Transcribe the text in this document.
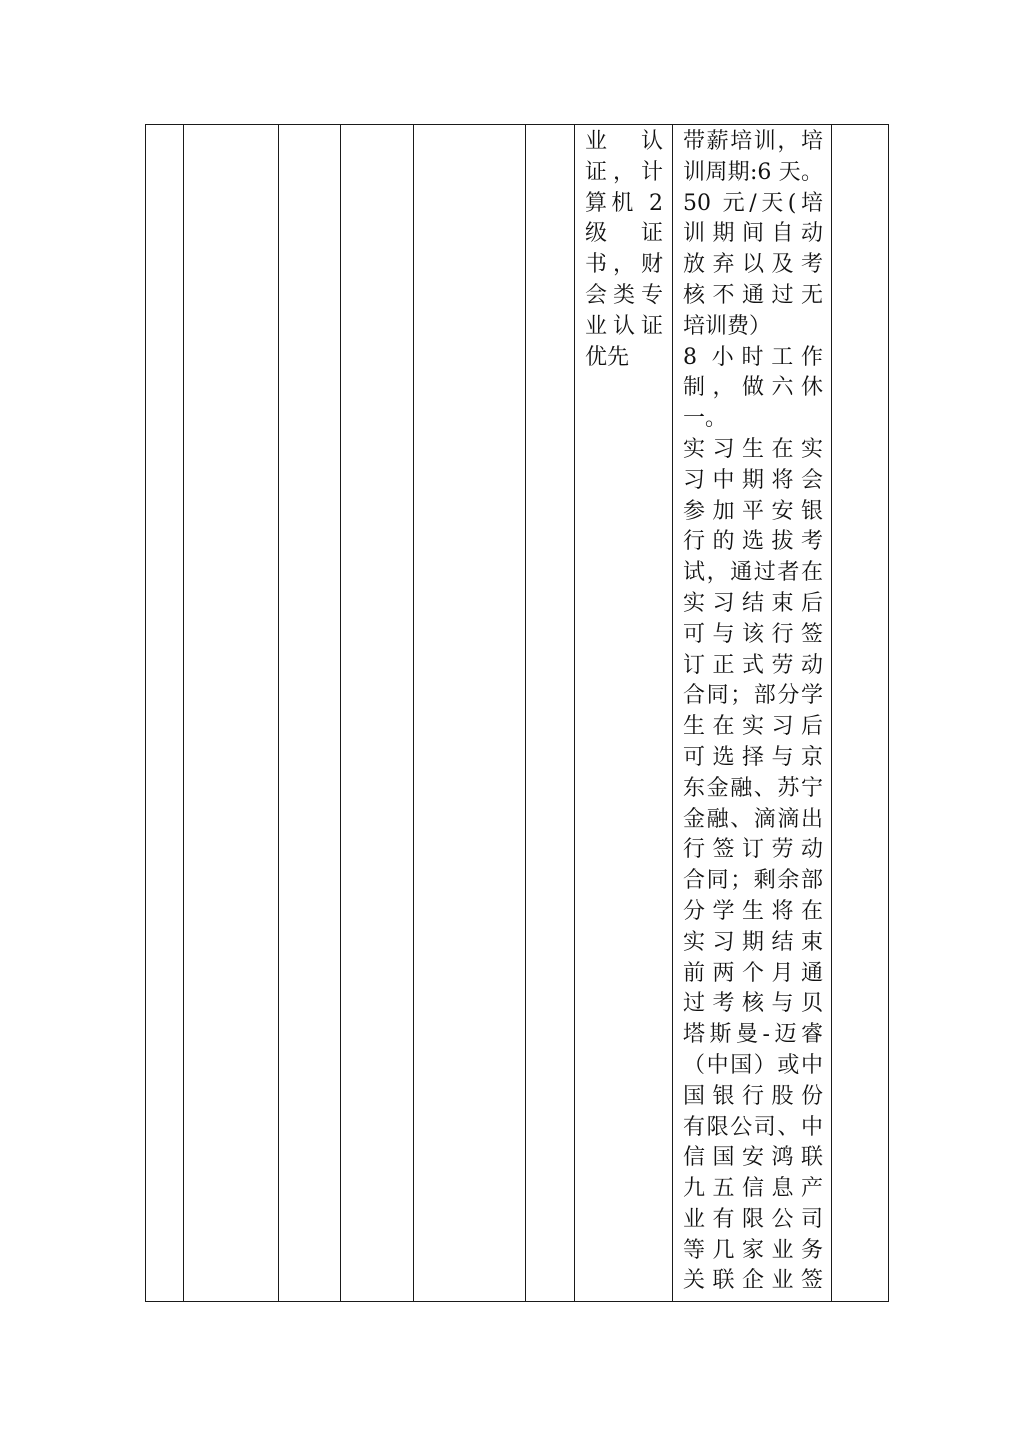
业　认
证，计
算机 2
级　证
书，财
会类专
业认证
优先

带薪培训，培
训周期:6 天。
50 元/天(培
训期间自动
放弃以及考
核不通过无
培训费）
8 小时工作
制，做六休
一。
实习生在实
习中期将会
参加平安银
行的选拔考
试，通过者在
实习结束后
可与该行签
订正式劳动
合同；部分学
生在实习后
可选择与京
东金融、苏宁
金融、滴滴出
行签订劳动
合同；剩余部
分学生将在
实习期结束
前两个月通
过考核与贝
塔斯曼-迈睿
（中国）或中
国银行股份
有限公司、中
信国安鸿联
九五信息产
业有限公司
等几家业务
关联企业签
